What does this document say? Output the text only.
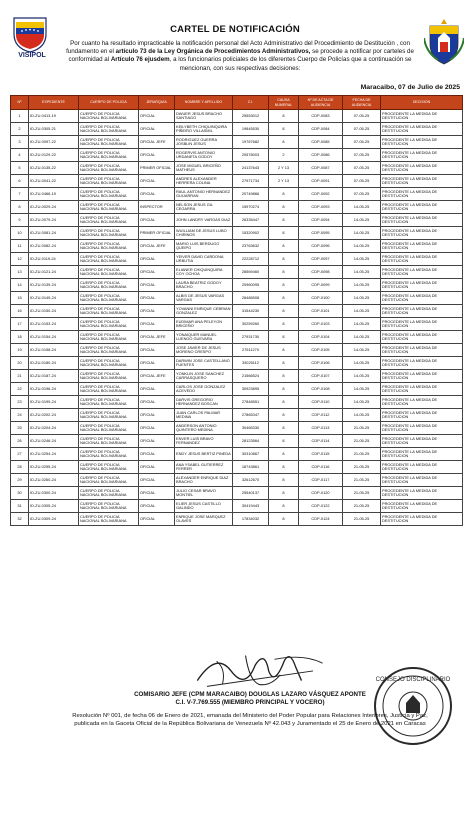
VISIPOL
CARTEL DE NOTIFICACIÓN
Por cuanto ha resultado impracticable la notificación personal del Acto Administrativo del Procedimiento de Destitución , con fundamento en el artículo 73 de la Ley Orgánica de Procedimientos Administrativos, se procede a notificar por carteles de conformidad al Artículo 76 ejusdem, a los funcionarios policiales de los diferentes Cuerpo de Policías que a continuación se mencionan, con sus respectivas decisiones:
Maracaibo, 07 de Julio de 2025
Nº	EXPEDIENTE	CUERPO DE POLICIA	JERARQUIA	NOMBRE Y APELLIDO	C.I.	CAUSA NUMERAL	Nº DE ACTA DE AUDIENCIA	FECHA DE AUDIENCIA	DECISION
1	ID-ZU-0413-19	CUERPO DE POLICIA NACIONAL BOLIVARIANA	OFICIAL	DWUER JESUS BRACHO SANTIAGO	25553012	8	CDP-0083	07-05-25	PROCEDENTE LA MEDIDA DE DESTITUCION
2	ID-ZU-0305-21	CUERPO DE POLICIA NACIONAL BOLIVARIANA	OFICIAL	KEILYBETH CHIQUINQUIRA PIÑEIRO VILLASMIL	19845530	8	CDP-0084	07-05-25	PROCEDENTE LA MEDIDA DE DESTITUCION
3	ID-ZU-0097-22	CUERPO DE POLICIA NACIONAL BOLIVARIANA	OFICIAL JEFE	RODRIGUEZ GUERRA JOSBLIN JESUS	19767682	8	CDP-0085	07-05-25	PROCEDENTE LA MEDIDA DE DESTITUCION
4	ID-ZU-0129-22	CUERPO DE POLICIA NACIONAL BOLIVARIANA	OFICIAL	ROGERVIS ANTONIO URDANETA GODOY	20578003	2	CDP-0086	07-05-25	PROCEDENTE LA MEDIDA DE DESTITUCION
5	ID-ZU-0135-22	CUERPO DE POLICIA NACIONAL BOLIVARIANA	PRIMER OFICIAL	JOSE MIGUEL BRICEÑO MATHEUS	24137643	2 Y 13	CDP-0087	07-05-25	PROCEDENTE LA MEDIDA DE DESTITUCION
6	ID-ZU-0041-22	CUERPO DE POLICIA NACIONAL BOLIVARIANA	OFICIAL	ANDRES ALEXANDER HERRERA COLINA	27971734	2 Y 13	CDP-0091	07-05-25	PROCEDENTE LA MEDIDA DE DESTITUCION
7	ID-ZU-0466-19	CUERPO DE POLICIA NACIONAL BOLIVARIANA	OFICIAL	RAUL ANTONIO HERNANDEZ GUIJARRAN	20749866	8	CDP-0092	07-05-25	PROCEDENTE LA MEDIDA DE DESTITUCION
8	ID-ZU-0029-24	CUERPO DE POLICIA NACIONAL BOLIVARIANA	INSPECTOR	NELSON JESUS GIL CEGARRA	15970274	8	CDP-0093	14-05-25	PROCEDENTE LA MEDIDA DE DESTITUCION
9	ID-ZU-0079-24	CUERPO DE POLICIA NACIONAL BOLIVARIANA	OFICIAL	JOHN LANDRY VARGAS DIAZ	26335447	8	CDP-0094	14-05-25	PROCEDENTE LA MEDIDA DE DESTITUCION
10	ID-ZU-0081-24	CUERPO DE POLICIA NACIONAL BOLIVARIANA	PRIMER OFICIAL	WUILLIAM DE JESUS LUBO CHIRINOS	15320902	8	CDP-0095	14-05-25	PROCEDENTE LA MEDIDA DE DESTITUCION
11	ID-ZU-0082-24	CUERPO DE POLICIA NACIONAL BOLIVARIANA	OFICIAL JEFE	MARIO LUIS BERDUGO QUEIPO	23763632	8	CDP-0096	14-05-25	PROCEDENTE LA MEDIDA DE DESTITUCION
12	ID-ZU-0119-24	CUERPO DE POLICIA NACIONAL BOLIVARIANA	OFICIAL	YEIVER DAVID CARDONA URBUTIA	22228712	8	CDP-0097	14-05-25	PROCEDENTE LA MEDIDA DE DESTITUCION
13	ID-ZU-0121-24	CUERPO DE POLICIA NACIONAL BOLIVARIANA	OFICIAL	ELIANER CHIQUINQUIRA COY OCHOA	28569460	8	CDP-0098	14-05-25	PROCEDENTE LA MEDIDA DE DESTITUCION
14	ID-ZU-0139-24	CUERPO DE POLICIA NACIONAL BOLIVARIANA	OFICIAL	LAURA BEATRIZ GODOY BRACHO	20960095	8	CDP-0099	14-05-25	PROCEDENTE LA MEDIDA DE DESTITUCION
15	ID-ZU-0149-24	CUERPO DE POLICIA NACIONAL BOLIVARIANA	OFICIAL	ALBIS DE JESUS VARGAS VARGAS	28486508	8	CDP-0100	14-05-25	PROCEDENTE LA MEDIDA DE DESTITUCION
16	ID-ZU-0150-24	CUERPO DE POLICIA NACIONAL BOLIVARIANA	OFICIAL	YOVANNI ENRIQUE CEBRIAN GONZALEZ	31544230	8	CDP-0101	14-05-25	PROCEDENTE LA MEDIDA DE DESTITUCION
17	ID-ZU-0153-24	CUERPO DE POLICIA NACIONAL BOLIVARIANA	OFICIAL	EUDIMAR ANA PELEYON BRICEÑO	30259260	8	CDP-0103	14-05-25	PROCEDENTE LA MEDIDA DE DESTITUCION
18	ID-ZU-0154-24	CUERPO DE POLICIA NACIONAL BOLIVARIANA	OFICIAL JEFE	YONAIQUER MANUEL LUENGO GUEVARA	27931730	8	CDP-0104	14-05-25	PROCEDENTE LA MEDIDA DE DESTITUCION
19	ID-ZU-0158-24	CUERPO DE POLICIA NACIONAL BOLIVARIANA	OFICIAL	JOSE JAVIER DE JESUS MORENO CRESPO	27511270	8	CDP-0105	14-05-25	PROCEDENTE LA MEDIDA DE DESTITUCION
20	ID-ZU-0180-24	CUERPO DE POLICIA NACIONAL BOLIVARIANA	OFICIAL	DARWIN JOSE CASTELLANO FUENTES	33025112	8	CDP-0106	14-05-25	PROCEDENTE LA MEDIDA DE DESTITUCION
21	ID-ZU-0187-24	CUERPO DE POLICIA NACIONAL BOLIVARIANA	OFICIAL JEFE	YONKLIN JOSE SANCHEZ CARRASQUERO	21566524	8	CDP-0107	14-05-25	PROCEDENTE LA MEDIDA DE DESTITUCION
22	ID-ZU-0196-24	CUERPO DE POLICIA NACIONAL BOLIVARIANA	OFICIAL	CARLOS JOSE GONZALEZ ACEVEDO	30923895	8	CDP-0108	14-05-25	PROCEDENTE LA MEDIDA DE DESTITUCION
23	ID-ZU-0199-24	CUERPO DE POLICIA NACIONAL BOLIVARIANA	OFICIAL	DARVIS GREGORIO HERNANDEZ BOSCAN	27848551	8	CDP-0110	14-05-25	PROCEDENTE LA MEDIDA DE DESTITUCION
24	ID-ZU-0202-24	CUERPO DE POLICIA NACIONAL BOLIVARIANA	OFICIAL	JUAN CARLOS PALMAR MEDINA	27865347	8	CDP-0112	14-05-25	PROCEDENTE LA MEDIDA DE DESTITUCION
25	ID-ZU-0204-24	CUERPO DE POLICIA NACIONAL BOLIVARIANA	OFICIAL	ANDERSON ANTONIO QUINTERO MEDINA	30465330	8	CDP-0113	21-05-25	PROCEDENTE LA MEDIDA DE DESTITUCION
26	ID-ZU-0246-24	CUERPO DE POLICIA NACIONAL BOLIVARIANA	OFICIAL	ENVER LUIS BRAVO FERNANDEZ	28123564	8	CDP-0114	21-05-25	PROCEDENTE LA MEDIDA DE DESTITUCION
27	ID-ZU-0254-24	CUERPO DE POLICIA NACIONAL BOLIVARIANA	OFICIAL	ENDY JESUS BERTIZ PINEDA	30310867	8	CDP-0115	21-05-25	PROCEDENTE LA MEDIDA DE DESTITUCION
28	ID-ZU-0255-24	CUERPO DE POLICIA NACIONAL BOLIVARIANA	OFICIAL	ANA YSABEL GUTIERREZ FERRER	18743861	8	CDP-0116	21-05-25	PROCEDENTE LA MEDIDA DE DESTITUCION
29	ID-ZU-0260-24	CUERPO DE POLICIA NACIONAL BOLIVARIANA	OFICIAL	ALEXANDER ENRIQUE DIAZ BRACHO	32612670	8	CDP-0117	21-05-25	PROCEDENTE LA MEDIDA DE DESTITUCION
30	ID-ZU-0300-24	CUERPO DE POLICIA NACIONAL BOLIVARIANA	OFICIAL	JULIO CESAR BRAVO MONTIEL	25540137	8	CDP-0120	21-05-25	PROCEDENTE LA MEDIDA DE DESTITUCION
31	ID-ZU-0305-24	CUERPO DE POLICIA NACIONAL BOLIVARIANA	OFICIAL	ELIER JESUS CASTILLO GALINDO	30419443	8	CDP-0122	21-05-25	PROCEDENTE LA MEDIDA DE DESTITUCION
32	ID-ZU-0309-24	CUERPO DE POLICIA NACIONAL BOLIVARIANA	OFICIAL	ENRIQUE JOSE MARQUEZ OLAVES	17834032	8	CDP-0124	21-05-25	PROCEDENTE LA MEDIDA DE DESTITUCION
CONSEJO DISCIPLINARIO
COMISARIO JEFE (CPM MARACAIBO) DOUGLAS LAZARO VÁSQUEZ APONTE
C.I. V-7.769.555 (MIEMBRO PRINCIPAL Y VOCERO)
Resolución Nº 001, de fecha 06 de Enero de 2021, emanada del Ministerio del Poder Popular para Relaciones Interiores, Justicia y Paz, publicada en la Gaceta Oficial de la República Bolivariana de Venezuela Nº 42.043 y Juramentado el 25 de Enero de 2021 en Caracas
